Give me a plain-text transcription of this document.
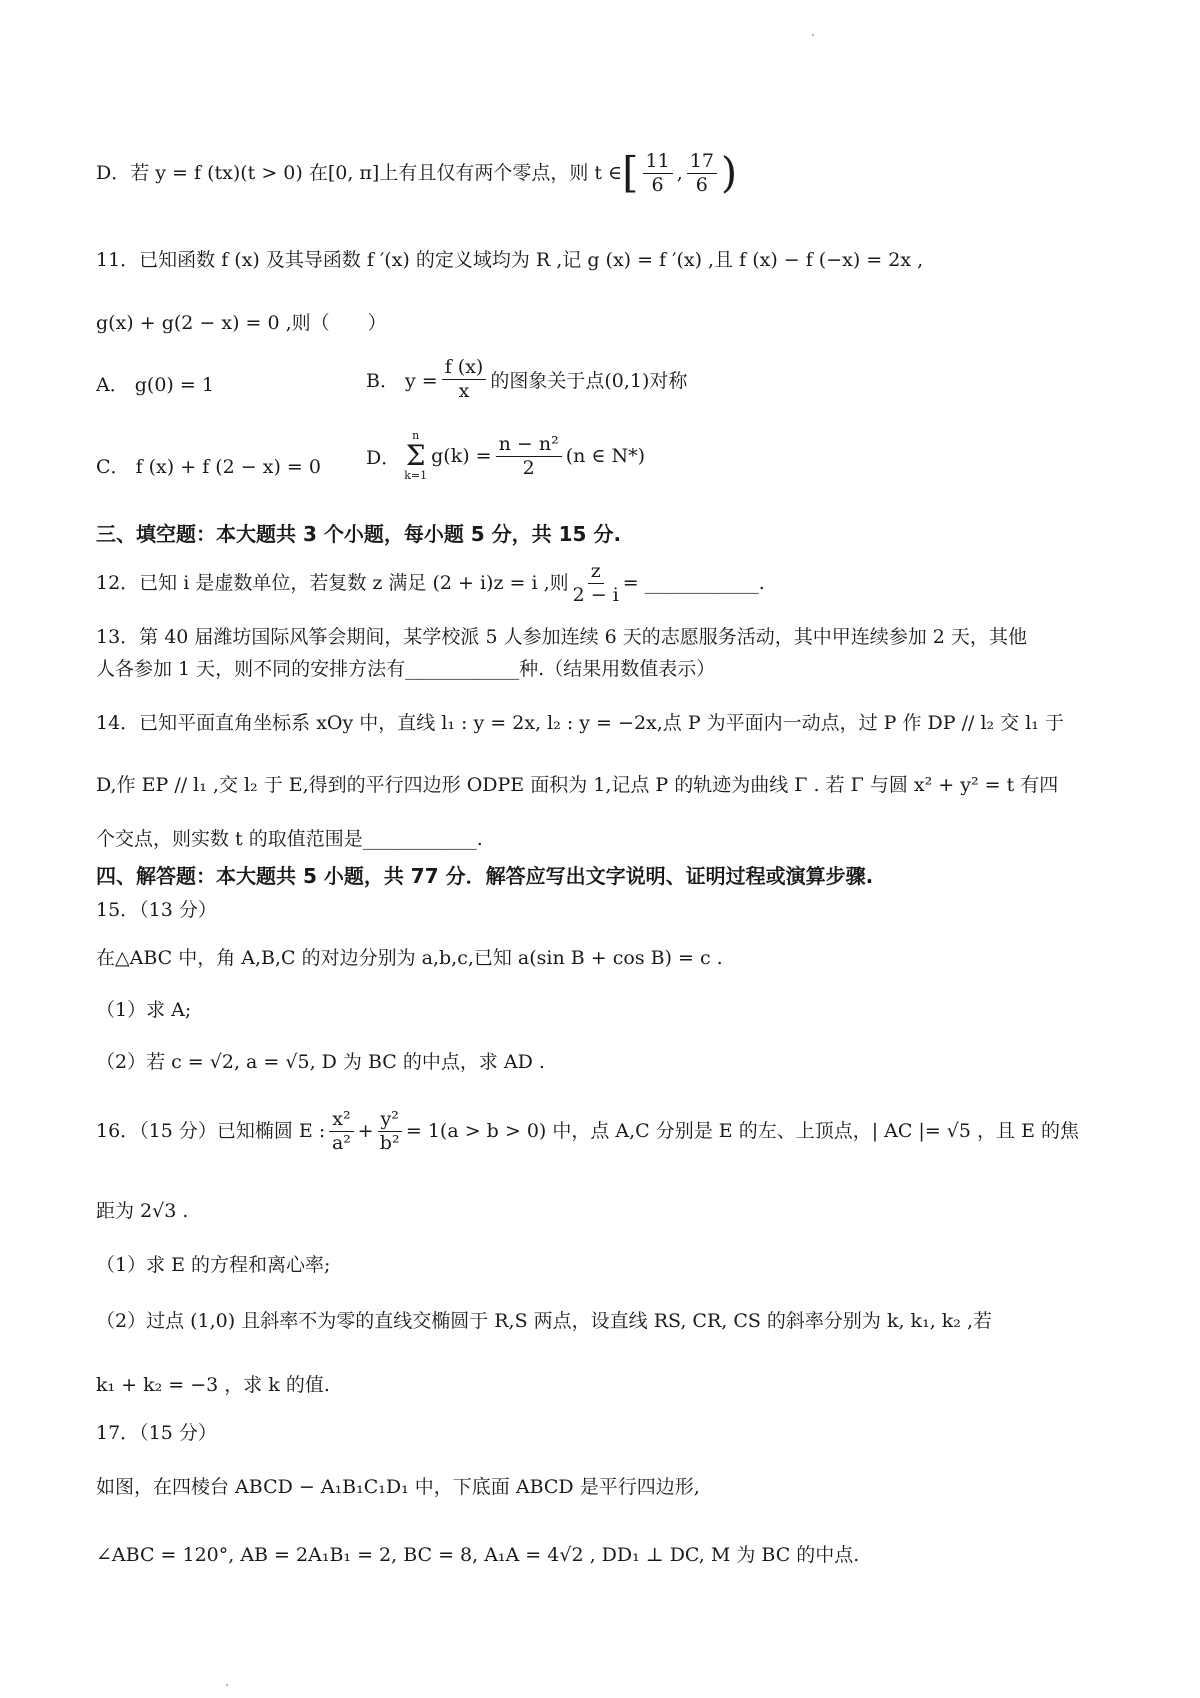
D．若 y = f (tx)(t > 0) 在[0, π]上有且仅有两个零点，则 t ∈ [ $\frac{11}{6}$ , $\frac{17}{6}$ )
11．已知函数 f (x) 及其导函数 f ′(x) 的定义域均为 R ,记 g (x) = f ′(x) ,且 f (x) − f (−x) = 2x ,
g(x) + g(2 − x) = 0 ,则（　　）
A． g(0) = 1	B． $y = \frac{f (x)}{x}$ 的图象关于点(0,1)对称
C． f (x) + f (2 − x) = 0 D．
n
Σ
k=1
$g(k) = \frac{\text{n − n²}}{2} (n$ ∈ N*)
三、填空题：本大题共 3 个小题，每小题 5 分，共 15 分.
12．已知 i 是虚数单位，若复数 z 满足 (2 + i)z = i ,则 $\frac{z}{2 - i}$ = ____________.
13．第 40 届潍坊国际风筝会期间，某学校派 5 人参加连续 6 天的志愿服务活动，其中甲连续参加 2 天，其他
人各参加 1 天，则不同的安排方法有____________种.（结果用数值表示）
14．已知平面直角坐标系 xOy 中，直线 l₁ : y = 2x, l₂ : y = −2x,点 P 为平面内一动点，过 P 作 DP // l₂ 交 l₁ 于
D,作 EP // l₁ ,交 l₂ 于 E,得到的平行四边形 ODPE 面积为 1,记点 P 的轨迹为曲线 Γ . 若 Γ 与圆 x² + y² = t 有四
个交点，则实数 t 的取值范围是____________.
四、解答题：本大题共 5 小题，共 77 分．解答应写出文字说明、证明过程或演算步骤.
15．（13 分）
在△ABC 中，角 A,B,C 的对边分别为 a,b,c,已知 a(sin B + cos B) = c .
（1）求 A;
（2）若 c = √2, a = √5, D 为 BC 的中点，求 AD .
16．（15 分）已知椭圆 E : $\frac{\text{x²}}{\text{a²}} + \frac{\text{y²}}{\text{b²}} = 1(a > b > 0)$ 中，点 A,C 分别是 E 的左、上顶点，| AC |= √5 ，且 E 的焦
距为 2√3 .
（1）求 E 的方程和离心率;
（2）过点 (1,0) 且斜率不为零的直线交椭圆于 R,S 两点，设直线 RS, CR, CS 的斜率分别为 k, k₁, k₂ ,若
k₁ + k₂ = −3 ，求 k 的值.
17．（15 分）
如图，在四棱台 ABCD − A₁B₁C₁D₁ 中，下底面 ABCD 是平行四边形,
∠ABC = 120°, AB = 2A₁B₁ = 2, BC = 8, A₁A = 4√2 , DD₁ ⊥ DC, M 为 BC 的中点.
